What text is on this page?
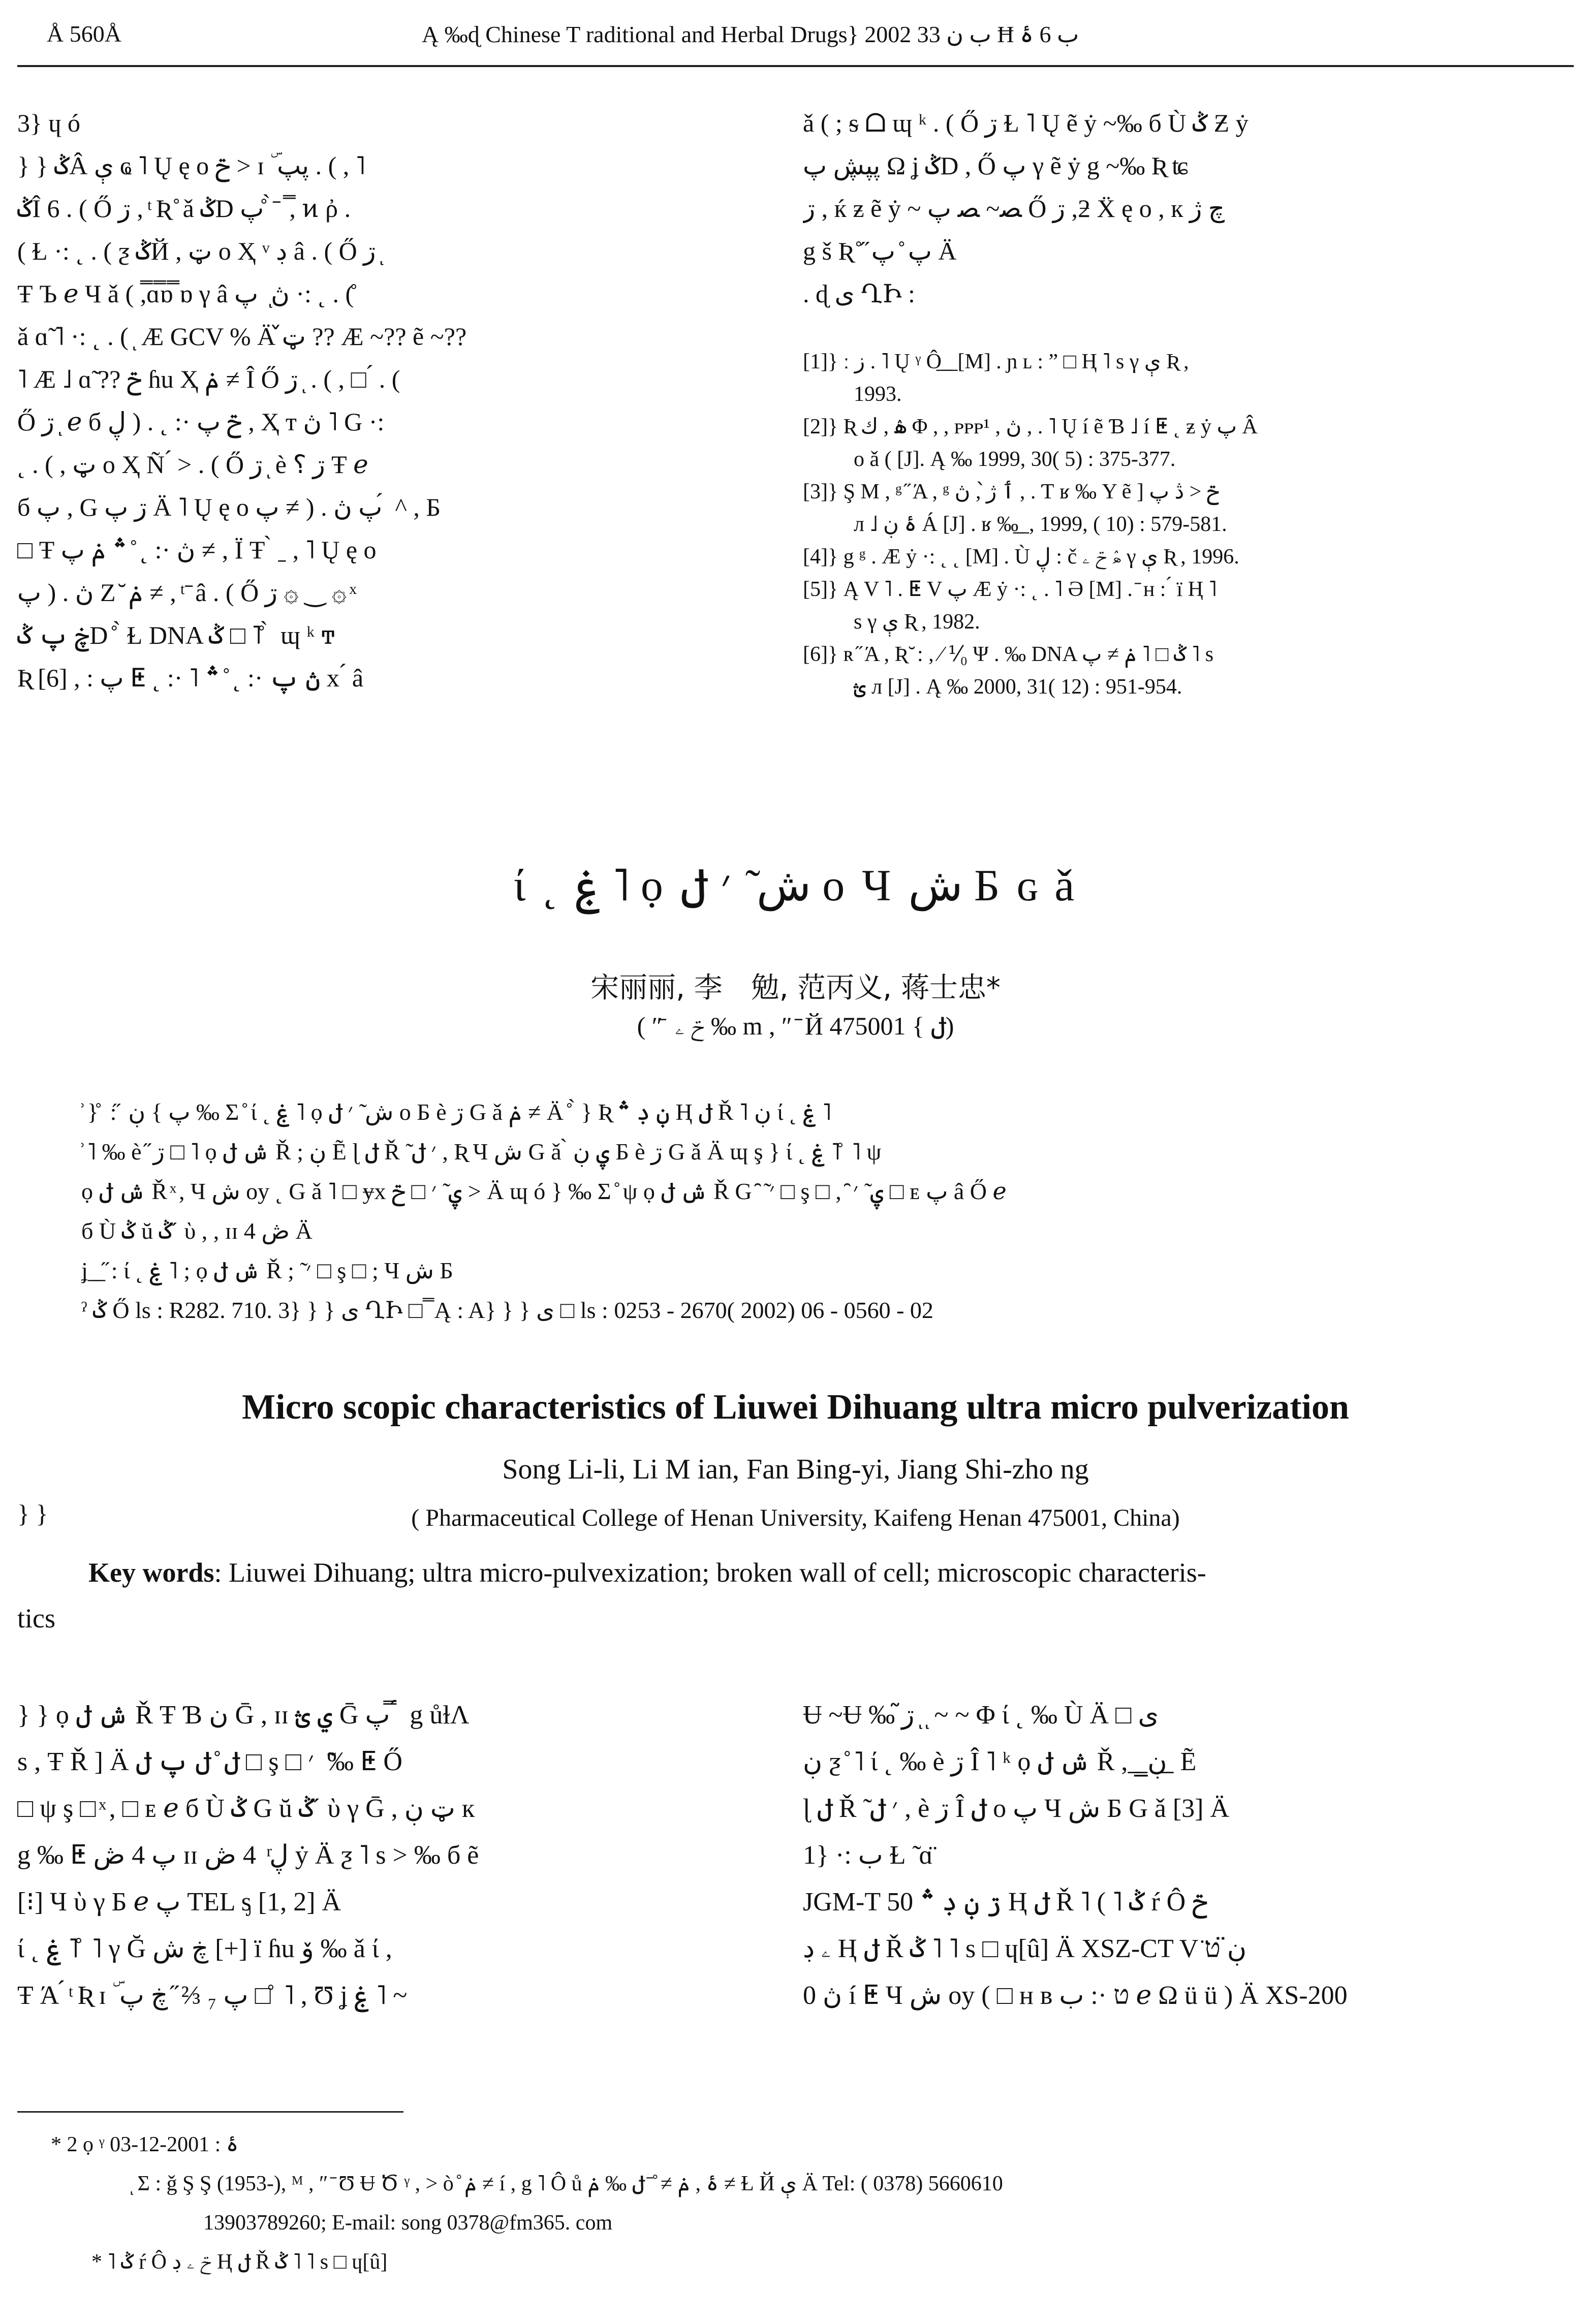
Å 560Å	Ą ‰ɖ Chinese T raditional and Herbal Drugs} 2002 ب ن 33 Ħ ب 6 ۂ

3} ɥ ó

} } ݣÂ ې ҩ ˥ Ų ę o ݗ ˃ ɪ ۜ ڽپ . ( , ˥

ݣÎ 6 . ( Ő ڗ , ͭ Ʀ ̊ ǎ ݣD پ ̊ ̀ ̄ ,̿ ͷ ῤ .

( Ɫ ·: ˛ . ( ƺ ݣЙ , ټ o Ҳ ᵛ ڊ â . ( Ő ڗ ͅ

Ŧ Ъ ℯ Ч ǎ ( ,̿ɑ̿ɒ̿ ɒ γ â ڽ ͅ پ ·: ˛ . ( ̊

ǎ ɑ̃ ˥ ·: ˛ . ( ͅ Æ GCV % Ä ټ̌ ?? Æ ~?? ẽ ~??

˥ Æ ˩ ɑ̃ ?? ݗ ɦu Ҳ ݥ ≠ Î Ő ڗ ͅ . ( , □ ́ . (

Ő ڗ ͅ ℯ б ݗ پ ·: ˛ . ( ڸ , Ҳ т ڽ ˥ G ·:

˛ . ( , ټ o Ҳ Ñ ́ ˃ . ( Ő ڗ ͅ è ڗ ؟ Ŧ ℯ

б پ , G ڗ پ Ä ˥ Ų ę o پ ڽ . ( ≠ پ ́ ^ , Б

□ Ŧ ڽ ·: ˛ ̊ ؞ ݥ پ ≠ , Ï Ŧ ̀ ˍ , ˥ Ų ę o

ڽ . ( پ Ζ ̆ ݥ ≠ , ͭ ̄ â . ( Ő ڗ ۞ ‿ ۞ ͯ

ڿ پ ݣD ̊ ̀ Ɫ DNA ݣ □ ˥ ̊ ̀ ɰ ᵏ ͳ

Ʀ [6] , ⁧x ́ â ڽ پ ·: ˛ ̊ ؞ ˥ ·: ˛ ⵟ پ :

ǎ ( ; ᵴ ᗝ ɰ ᵏ . ( Ő ڗ Ɫ ˥ Ų ẽ ẏ ~‰ б Ù ݣ Ƶ ẏ

ڽپڜ پ Ω ʝ ݣD , ⁧ γ ẽ ẏ g ~‰ Ʀ ʨ پ Ő

ڗ , ќ ƶ ẽ ẏ ~ ﺼ~ ﺼ پ Ő ڗ ,⁧ چ ژ ƻ Ẍ ę o , к

g š Ʀ ̊ ̋ پ ̊ پ Ä

. ɖ ی ՂԻ :

[1]} ː ز . ˥ Ų ᵞ Ô̲ ̲ ̲ [M] . ɲ ʟ : ” □ Ⱨ ˥ s γ ې Ʀ ,

1993.

[2]} Ʀ ۿ , ك Φ , , ᴘᴘᴘ¹ , ڽ , . ˥ Ų í ẽ Ɓ ˩ í ⵟ ˛ ƶ ẏ پ Â

o ǎ ( [J]. Ą ‰ 1999, 30( 5) : 375-377.

[3]} Ş M , ᵍ ̋ Ά , ᵍ ٲ ژ̀ , ڽ , . Ƭ ʁ ‰ Υ ẽ ] ݗ ˃ ڎ پ

л ˩ ۂ ڹ Á [J] . ʁ ‰̲ ̲ , 1999, ( 10) : 579-581.

[4]} g ᵍ . Æ ẏ ·: ˛ ˛ [M] . Ù ڸ : č ۿ ݗ ۦ γ ې Ʀ , 1996.

[5]} Ą V ˥ . ⵟ V پ Æ ẏ ·: ˛ . ˥ Ә [M] . ̄ ʜ : ́ ï Ⱨ ˥

s γ ې Ʀ , 1982.

[6]} ʀ ̋ Ά , Ʀ ̆ : , ⁄ ⅟₀ Ψ . ‰ DNA ݣ □ ˥ ݥ ≠ پ ˥ s

ؿ л [J] . Ą ‰ 2000, 31( 12) : 951-954.

ί ˛ ۼ ˥ ọ ش ̃ ׳ ݪ o Ч ش Б ɢ ǎ
宋丽丽, 李　勉, 范丙义, 蒋士忠*
( ″ ̄ ݗ ۦ ‰ m , ″ ̄ Й ݪ } 475001)

̊ } ̊ : ̋ پ } ڹ ‰ Σ ̊ ί ˛ ۼ ˥ ọ ش ̃ ׳ ݪ o Б è ڗ G ǎ ݥ ≠ Ä ̊ ̀ } Ʀ ڹ ڊ ؞ Ⱨ ݪ Ř ˥ ڹ ί ˛ ۼ ˥

̊ ˥ ‰ è ̋ ڗ □ ˥ ọ ش ݪ Ř ; ڹ Ẽ ɭ ݪ Ř ̃ ׳ ݪ , Ʀ Ч ش G ǎ ̀ ۑ ڹ Б è ڗ G ǎ Ä ɰ ş } ί ˛ ۼ ˥ ̊ ˥ ψ

ọ ش ݪ Ř ͯ , Ч ش oy ˛ G ǎ ˥ □ ɏx ۑ ̃ ׳ □ ݗ ˃ Ä ɰ ó } ‰ Σ ̊ ψ ọ ش ݪ Ř G ̑ ̃ ׳ □ ş □ , ̑ ۑ ̃ ׳ □ ᴇ پ â Ő ℯ

б Ù ݣ ŭ ݣ ̋ ὺ , , ɪɪ 4 ڞ Ä

ʝ ̲ ̲ ̋ : ί ˛ ۼ ˥ ; ọ ش ݪ Ř ; ̃ ׳ □ ş □ ; Ч ش Б

ˀ ݣ Ő ls : R282. 710. 3} } } ی ՂԻ □ ̿ Ą : A} } } ی □ ls : 0253 - 2670( 2002) 06 - 0560 - 02

Micro scopic characteristics of Liuwei Dihuang ultra micro pulverization
Song Li-li, Li M ian, Fan Bing-yi, Jiang Shi-zho ng
} }	( Pharmaceutical College of Henan University, Kaifeng Henan 475001, China)
Key words: Liuwei Dihuang; ultra micro-pulvexization; broken wall of cell; microscopic characteris-
tics

} } ọ ش ݪ Ř Ŧ Ɓ ن Ḡ , ɪɪ ي ؿ Ḡ پ ̿ ́ g ůɫɅ

s , Ŧ ⁧ ⵟ Ő ‰ ̃ ׳ □ ş □ ݪ ̊ ݪ پ ݪ Ř ] Ä

□ ψ ş □ ͯ , □ ᴇ ℯ б Ù ݣ G ŭ ݣ ̋ ὺ γ Ḡ , ټ ڹ к

g ‰ ⵟ پ 4 ڞ ɪɪ ڸ ͬ 4 ڞ ẏ Ä ƺ ˥ s ˃ ‰ б ẽ

[⁝] Ч ὺ γ Б ℯ پ TEL ᶊ [1, 2] Ä

ί ˛ ۼ ˥ ̊ ˥ γ Ğ ڿ ش [+] ï ɦu ۆ ‰ ǎ ί ,

Ŧ Ά ́ ͭ Ʀ ɪ ۜ پ ₇ ⅔ ̋ ڿ پ □ ̊ ˥ , Ʊ ʝ ۼ ˥ ~

Ʉ ~Ʉ ‰ ڗ̃ ͅ ͅ ~ ~ Φ ί ˛ ‰ Ù Ä □ ی

ڹ ƺ ̊ ˥ ί ˛ ‰ è ڗ Î ˥ ᵏ ọ ش ݪ Ř , ̲ ̲ ڹ̲ ̲ Ẽ

ɭ ݪ Ř ̃ ׳ ݪ , è ڗ Î ݪ o پ Ч ش Б G ǎ [3] Ä

1} ·: ب Ɫ ̃ ɑ̈

JGM-T 50 ڗ ڹ ڊ ؞ Ⱨ ݪ Ř ˥ ( ˥ ݣ ŕ Ô ݗ

ۦ ڊ Ⱨ ݪ Ř ݣ ˥ ˥ s □ ɥ[û] Ä XSZ-CT V ڹ̈ ט̈

ڽ 0 í ⵟ Ч ش oy ( □ ʜ в ט ·: ب ℯ Ω ü ü ) Ä XS-200

* 2 ọ ᵞ ۂ : 2001-12-03
ͅ Σ : ǧ Ş Ş (1953-), ᴹ , ″ ̄ Ʊ Ʉ Ծ ᵞ , ˃ ò ̊ ݥ ≠ í , g ˥ Ô ů ۂ , ݥ ≠ ̊ ̄ ݪ ‰ ݥ ≠ Ɫ Й ې Ä Tel: ( 0378) 5660610
13903789260; E-mail: song 0378@fm365. com
* ˥ ݣ ŕ Ô ݗ ۦ ڊ Ⱨ ݪ Ř ݣ ˥ ˥ s □ ɥ[û]
